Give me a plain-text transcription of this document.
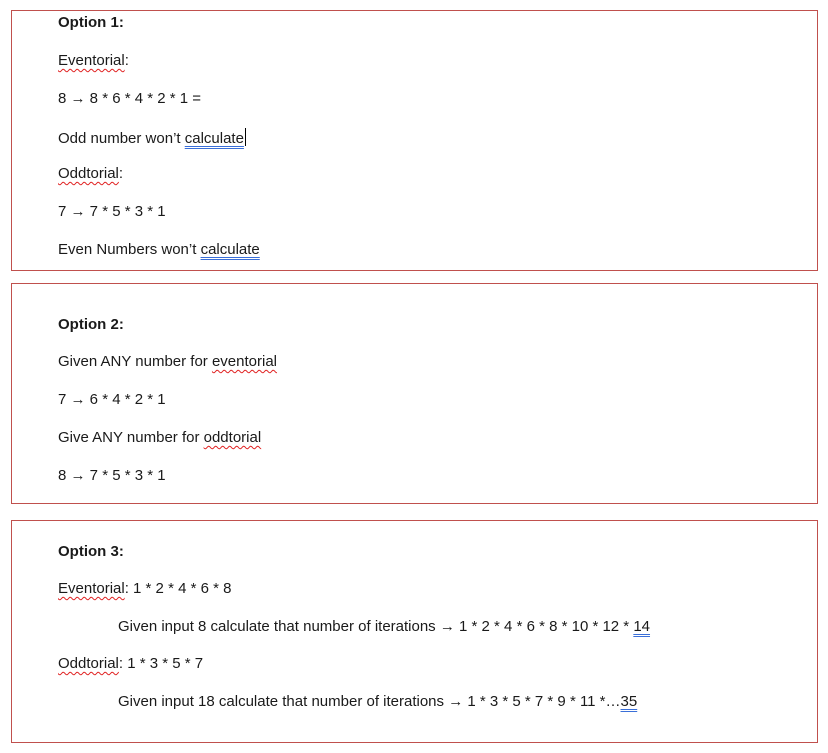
Option 1:
Eventorial:
8 → 8 * 6 * 4 * 2 * 1 =
Odd number won’t calculate
Oddtorial:
7 → 7 * 5 * 3 * 1
Even Numbers won’t calculate
Option 2:
Given ANY number for eventorial
7 → 6 * 4 * 2 * 1
Give ANY number for oddtorial
8 → 7 * 5 * 3 * 1
Option 3:
Eventorial: 1 * 2 * 4 * 6 * 8
Given input 8 calculate that number of iterations → 1 * 2 * 4 * 6 * 8 * 10 * 12 * 14
Oddtorial: 1 * 3 * 5 * 7
Given input 18 calculate that number of iterations → 1 * 3 * 5 * 7 * 9 * 11 *…35
